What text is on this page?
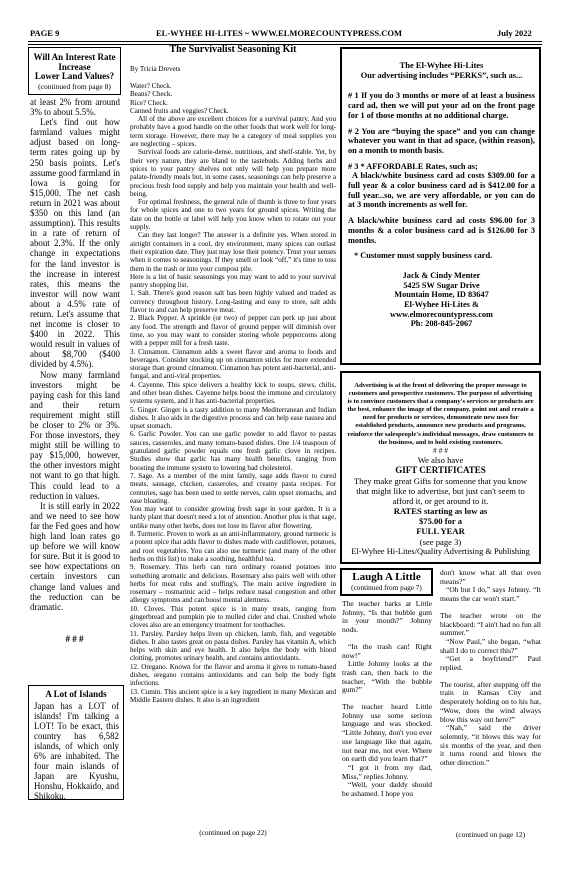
PAGE 9	EL-WYHEE HI-LITES ~ WWW.ELMORECOUNTYPRESS.COM	July 2022
Will An Interest Rate
Increase
Lower Land Values?
(continued from page 8)

at least 2% from around 3% to about 5.5%.

Let's find out how farmland values might adjust based on long-term rates going up by 250 basis points. Let's assume good farmland in Iowa is going for $15,000. The net cash return in 2021 was about $350 on this land (an assumption). This results in a rate of return of about 2.3%. If the only change in expectations for the land investor is the increase in interest rates, this means the investor will now want about a 4.5% rate of return. Let's assume that net income is closer to $400 in 2022. This would result in values of about $8,700 ($400 divided by 4.5%).

Now many farmland investors might be paying cash for this land and their return requirement might still be closer to 2% or 3%. For those investors, they might still be willing to pay $15,000, however, the other investors might not want to go that high. This could lead to a reduction in values.

It is still early in 2022 and we need to see how far the Fed goes and how high land loan rates go up before we will know for sure. But it is good to see how expectations on certain investors can change land values and the reduction can be dramatic.

# # #
A Lot of Islands
Japan has a LOT of islands! I'm talking a LOT! To be exact, this country has 6,582 islands, of which only 6% are inhabited. The four main islands of Japan are Kyushu, Honshu, Hokkaido, and Shikoku.
The Survivalist Seasoning Kit
By Tricia Drevets
Water? Check.
Beans? Check.
Rice? Check.
Canned fruits and veggies? Check.
All of the above are excellent choices for a survival pantry. And you probably have a good handle on the other foods that work well for long-term storage. However, there may be a category of meal supplies you are neglecting – spices.
Survival foods are calorie-dense, nutritious, and shelf-stable. Yet, by their very nature, they are bland to the tastebuds. Adding herbs and spices to your pantry shelves not only will help you prepare more palate-friendly meals but, in some cases, seasonings can help preserve a precious fresh food supply and help you maintain your health and well-being.
For optimal freshness, the general rule of thumb is three to four years for whole spices and one to two years for ground spices. Writing the date on the bottle or label will help you know when to rotate out your supply.
Can they last longer? The answer is a definite yes. When stored in airtight containers in a cool, dry environment, many spices can outlast their expiration date. They just may lose their potency. Trust your senses when it comes to seasonings. If they smell or look “off,” it's time to toss them in the trash or into your compost pile.
Here is a list of basic seasonings you may want to add to your survival pantry shopping list.
1. Salt. There's good reason salt has been highly valued and traded as currency throughout history. Long-lasting and easy to store, salt adds flavor to and can help preserve meat.
2. Black Pepper. A sprinkle (or two) of pepper can perk up just about any food. The strength and flavor of ground pepper will diminish over time, so you may want to consider storing whole peppercorns along with a pepper mill for a fresh taste.
3. Cinnamon. Cinnamon adds a sweet flavor and aroma to foods and beverages. Consider stocking up on cinnamon sticks for more extended storage than ground cinnamon. Cinnamon has potent anti-bacterial, anti-fungal, and anti-viral properties.
4. Cayenne. This spice delivers a healthy kick to soups, stews, chilis, and other bean dishes. Cayenne helps boost the immune and circulatory systems system, and it has anti-bacterial properties.
5. Ginger. Ginger is a tasty addition to many Mediterranean and Indian dishes. It also aids in the digestive process and can help ease nausea and upset stomach.
6. Garlic Powder. You can use garlic powder to add flavor to pastas sauces, casseroles, and many tomato-based dishes. One 1/4 teaspoon of granulated garlic powder equals one fresh garlic clove in recipes. Studies show that garlic has many health benefits, ranging from boosting the immune system to lowering bad cholesterol.
7. Sage. As a member of the mint family, sage adds flavor to cured meats, sausage, chicken, casseroles, and creamy pasta recipes. For centuries, sage has been used to settle nerves, calm upset stomachs, and ease bloating.
You may want to consider growing fresh sage in your garden. It is a hardy plant that doesn't need a lot of attention. Another plus is that sage, unlike many other herbs, does not lose its flavor after flowering.
8. Turmeric. Proven to work as an anti-inflammatory, ground turmeric is a potent spice that adds flavor to dishes made with cauliflower, potatoes, and root vegetables. You can also use turmeric (and many of the other herbs on this list) to make a soothing, healthful tea.
9. Rosemary. This herb can turn ordinary roasted potatoes into something aromatic and delicious. Rosemary also pairs well with other herbs for meat rubs and stuffing's. The main active ingredient in rosemary – rosmarinic acid – helps reduce nasal congestion and other allergy symptoms and can boost mental alertness.
10. Cloves. This potent spice is in many treats, ranging from gingerbread and pumpkin pie to mulled cider and chai. Crushed whole cloves also are an emergency treatment for toothaches.
11. Parsley. Parsley helps liven up chicken, lamb, fish, and vegetable dishes. It also tastes great on pasta dishes. Parsley has vitamin A, which helps with skin and eye health. It also helps the body with blood clotting, promotes urinary health, and contains antioxidants.
12. Oregano. Known for the flavor and aroma it gives to tomato-based dishes, oregano contains antioxidants and can help the body fight infections.
13. Cumin. This ancient spice is a key ingredient in many Mexican and Middle Eastern dishes. It also is an ingredient
(continued on page 22)
The El-Wyhee Hi-Lites
Our advertising includes “PERKS”, such as...

# 1 If you do 3 months or more of at least a business card ad, then we will put your ad on the front page for 1 of those months at no additional charge.

# 2 You are “buying the space” and you can change whatever you want in that ad space, (within reason), on a month to month basis.

# 3 * AFFORDABLE Rates, such as;

A black/white business card ad costs $309.00 for a full year & a color business card ad is $412.00 for a full year...so, we are very affordable, or you can do at 3 month increments as well for.

A black/white business card ad costs $96.00 for 3 months & a color business card ad is $126.00 for 3 months.

* Customer must supply business card.

Jack & Cindy Menter
5425 SW Sugar Drive
Mountain Home, ID 83647
El-Wyhee Hi-Lites &
www.elmorecountypress.com
Ph: 208-845-2067
Advertising is at the front of delivering the proper message to customers and prospective customers. The purpose of advertising is to convince customers that a company's services or products are the best, enhance the image of the company, point out and create a need for products or services, demonstrate new uses for established products, announce new products and programs, reinforce the salespeople's individual messages, draw customers to the business, and to hold existing customers.
# # #
We also have
GIFT CERTIFICATES
They make great Gifts for someone that you know that might like to advertise, but just can't seem to afford it, or get around to it.
RATES starting as low as
$75.00 for a
FULL YEAR
(see page 3)
El-Wyhee Hi-Lites/Quality Advertising & Publishing
Laugh A Little
(continued from page 7)
The teacher barks at Little Johnny, “Is that bubble gum in your mouth?” Johnny nods.
“In the trash can! Right now!”
Little Johnny looks at the trash can, then back to the teacher, “With the bubble gum?”
The teacher heard Little Johnny use some serious language and was shocked. “Little Johnny, don't you ever use language like that again, not near me, not ever. Where on earth did you learn that?”
“I got it from my dad, Miss,” replies Johnny.
“Well, your daddy should be ashamed. I hope you
don't know what all that even means?”
“Oh but I do,” says Johnny. “It means the car won't start.”
The teacher wrote on the blackboard: “I ain't had no fun all summer.”
“Now Paul,” she began, “what shall I do to correct this?”
“Get a boyfriend?” Paul replied.
The tourist, after stepping off the train in Kansas City and desperately holding on to his hat, “Wow, does the wind always blow this way out here?”
“Nah,” said the driver solemnly, “it blows this way for six months of the year, and then it turns round and blows the other direction.”
(continued on page 12)
